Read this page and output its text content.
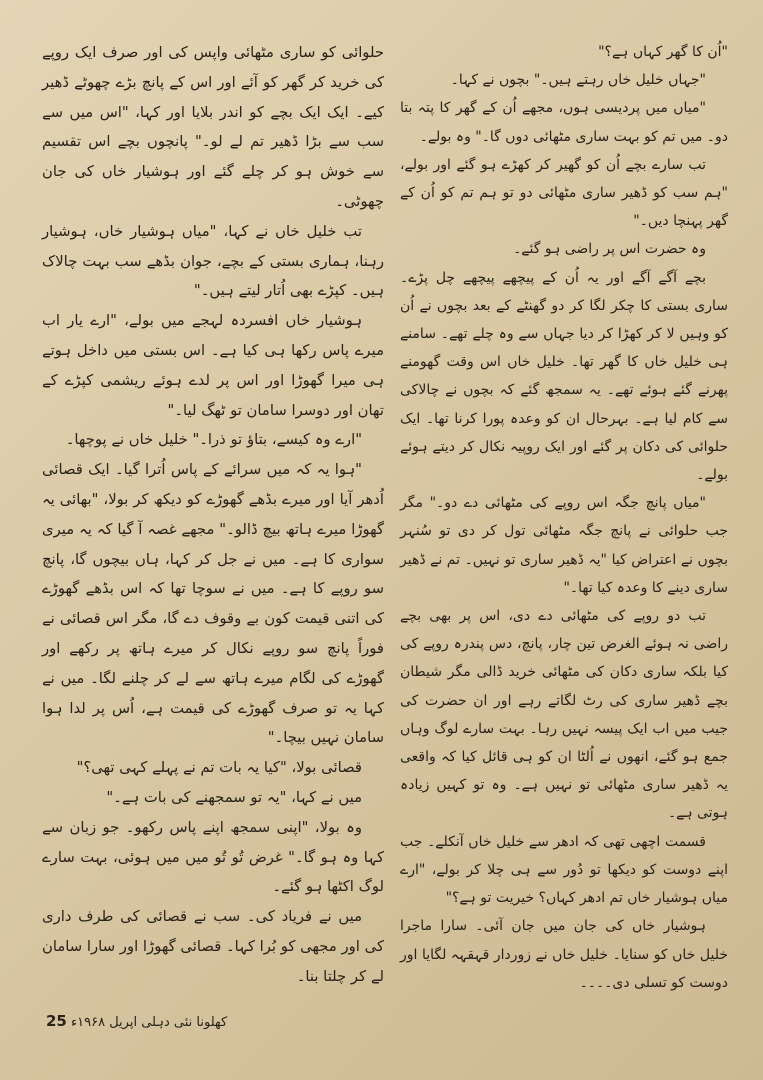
"اُن کا گھر کہاں ہے؟"

"جہاں خلیل خاں رہتے ہیں۔" بچوں نے کہا۔

"میاں میں پردیسی ہوں، مجھے اُن کے گھر کا پتہ بتا دو۔ میں تم کو بہت ساری مٹھائی دوں گا۔" وہ بولے۔

تب سارے بچے اُن کو گھیر کر کھڑے ہو گئے اور بولے، "ہم سب کو ڈھیر ساری مٹھائی دو تو ہم تم کو اُن کے گھر پہنچا دیں۔"

وہ حضرت اس پر راضی ہو گئے۔

بچے آگے آگے اور یہ اُن کے پیچھے پیچھے چل پڑے۔ ساری بستی کا چکر لگا کر دو گھنٹے کے بعد بچوں نے اُن کو وہیں لا کر کھڑا کر دیا جہاں سے وہ چلے تھے۔ سامنے ہی خلیل خاں کا گھر تھا۔ خلیل خاں اس وقت گھومنے پھرنے گئے ہوئے تھے۔ یہ سمجھ گئے کہ بچوں نے چالاکی سے کام لیا ہے۔ بہرحال ان کو وعدہ پورا کرنا تھا۔ ایک حلوائی کی دکان پر گئے اور ایک روپیہ نکال کر دیتے ہوئے بولے۔

"میاں پانچ جگہ اس روپے کی مٹھائی دے دو۔" مگر جب حلوائی نے پانچ جگہ مٹھائی تول کر دی تو سُنہر بچوں نے اعتراض کیا "یہ ڈھیر ساری تو نہیں۔ تم نے ڈھیر ساری دینے کا وعدہ کیا تھا۔"

تب دو روپے کی مٹھائی دے دی، اس پر بھی بچے راضی نہ ہوئے الغرض تین چار، پانچ، دس پندرہ روپے کی کیا بلکہ ساری دکان کی مٹھائی خرید ڈالی مگر شیطان بچے ڈھیر ساری کی رٹ لگاتے رہے اور ان حضرت کی جیب میں اب ایک پیسہ نہیں رہا۔ بہت سارے لوگ وہاں جمع ہو گئے، انھوں نے اُلٹا ان کو ہی قائل کیا کہ واقعی یہ ڈھیر ساری مٹھائی تو نہیں ہے۔ وہ تو کہیں زیادہ ہوتی ہے۔

قسمت اچھی تھی کہ ادھر سے خلیل خاں آنکلے۔ جب اپنے دوست کو دیکھا تو دُور سے ہی چلا کر بولے، "ارے میاں ہوشیار خاں تم ادھر کہاں؟ خیریت تو ہے؟"

ہوشیار خاں کی جان میں جان آئی۔ سارا ماجرا خلیل خاں کو سنایا۔ خلیل خاں نے زوردار قہقہہ لگایا اور دوست کو تسلی دی۔۔۔۔

حلوائی کو ساری مٹھائی واپس کی اور صرف ایک روپے کی خرید کر گھر کو آئے اور اس کے پانچ بڑے چھوٹے ڈھیر کیے۔ ایک ایک بچے کو اندر بلایا اور کہا، "اس میں سے سب سے بڑا ڈھیر تم لے لو۔" پانچوں بچے اس تقسیم سے خوش ہو کر چلے گئے اور ہوشیار خاں کی جان چھوٹی۔

تب خلیل خاں نے کہا، "میاں ہوشیار خاں، ہوشیار رہنا، ہماری بستی کے بچے، جوان بڈھے سب بہت چالاک ہیں۔ کپڑے بھی اُتار لیتے ہیں۔"

ہوشیار خاں افسردہ لہجے میں بولے، "ارے یار اب میرے پاس رکھا ہی کیا ہے۔ اس بستی میں داخل ہوتے ہی میرا گھوڑا اور اس پر لدے ہوئے ریشمی کپڑے کے تھان اور دوسرا سامان تو ٹھگ لیا۔"

"ارے وہ کیسے، بتاؤ تو ذرا۔" خلیل خاں نے پوچھا۔

"ہوا یہ کہ میں سرائے کے پاس اُترا گیا۔ ایک قصائی اُدھر آیا اور میرے بڈھے گھوڑے کو دیکھ کر بولا، "بھائی یہ گھوڑا میرے ہاتھ بیچ ڈالو۔" مجھے غصہ آ گیا کہ یہ میری سواری کا ہے۔ میں نے جل کر کہا، ہاں بیچوں گا، پانچ سو روپے کا ہے۔ میں نے سوچا تھا کہ اس بڈھے گھوڑے کی اتنی قیمت کون بے وقوف دے گا، مگر اس قصائی نے فوراً پانچ سو روپے نکال کر میرے ہاتھ پر رکھے اور گھوڑے کی لگام میرے ہاتھ سے لے کر چلنے لگا۔ میں نے کہا یہ تو صرف گھوڑے کی قیمت ہے، اُس پر لدا ہوا سامان نہیں بیچا۔"

قصائی بولا، "کیا یہ بات تم نے پہلے کہی تھی؟"

میں نے کہا، "یہ تو سمجھنے کی بات ہے۔"

وہ بولا، "اپنی سمجھ اپنے پاس رکھو۔ جو زبان سے کہا وہ ہو گا۔" غرض تُو تُو میں میں ہوئی، بہت سارے لوگ اکٹھا ہو گئے۔

میں نے فریاد کی۔ سب نے قصائی کی طرف داری کی اور مجھی کو بُرا کہا۔ قصائی گھوڑا اور سارا سامان لے کر چلتا بنا۔

کھلونا نئی دہلی اپریل ۱۹۶۸ء 25
